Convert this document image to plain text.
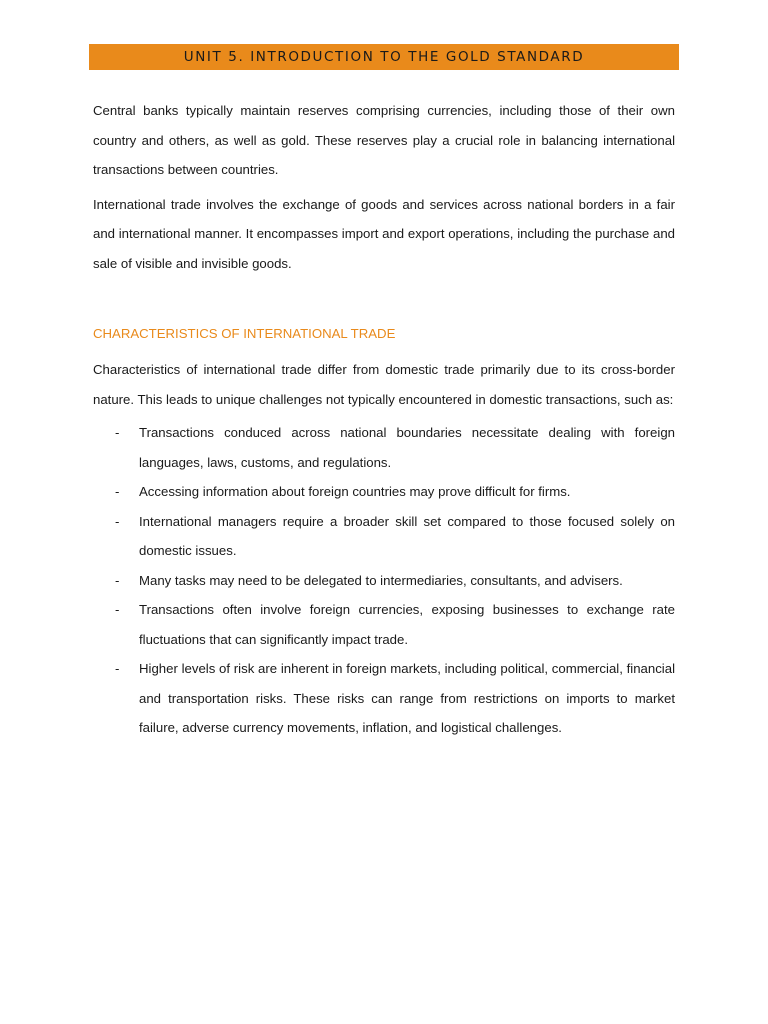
UNIT 5. INTRODUCTION TO THE GOLD STANDARD

Central banks typically maintain reserves comprising currencies, including those of their own country and others, as well as gold. These reserves play a crucial role in balancing international transactions between countries.

International trade involves the exchange of goods and services across national borders in a fair and international manner. It encompasses import and export operations, including the purchase and sale of visible and invisible goods.

CHARACTERISTICS OF INTERNATIONAL TRADE

Characteristics of international trade differ from domestic trade primarily due to its cross-border nature. This leads to unique challenges not typically encountered in domestic transactions, such as:

- Transactions conduced across national boundaries necessitate dealing with foreign languages, laws, customs, and regulations.
- Accessing information about foreign countries may prove difficult for firms.
- International managers require a broader skill set compared to those focused solely on domestic issues.
- Many tasks may need to be delegated to intermediaries, consultants, and advisers.
- Transactions often involve foreign currencies, exposing businesses to exchange rate fluctuations that can significantly impact trade.
- Higher levels of risk are inherent in foreign markets, including political, commercial, financial and transportation risks. These risks can range from restrictions on imports to market failure, adverse currency movements, inflation, and logistical challenges.
